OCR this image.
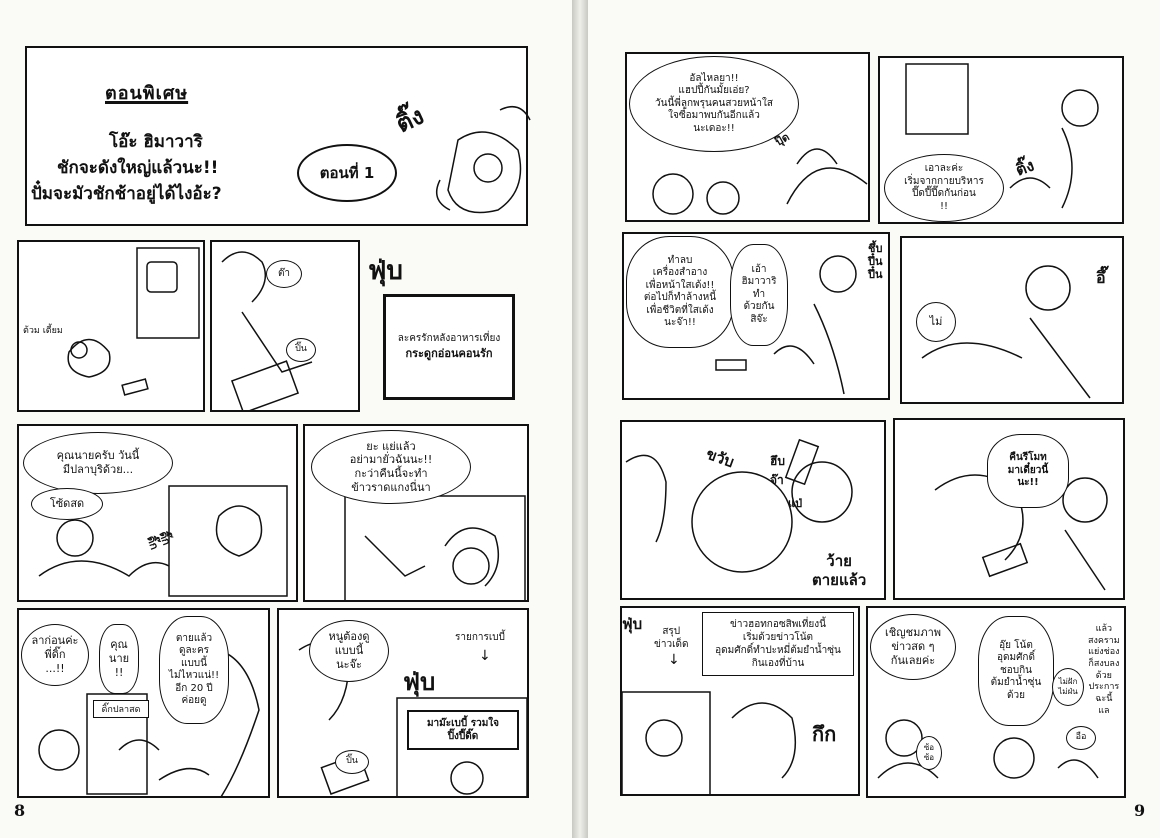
ตอนพิเศษ
โอ๊ะ ฮิมาวาริ
ชักจะดังใหญ่แล้วนะ!!
ปั๋มจะมัวชักช้าอยู่ได้ไงอ้ะ?
ตอนที่ 1
ติ๊ง
ต้วม เตี้ยม
ต๊า
ปิ๊น
ฟุ่บ
ละครรักหลังอาหารเที่ยง
กระดูกอ่อนคอนรัก
คุณนายครับ วันนี้
มีปลาบุริด้วย...
โซ้ดสด
ดิ๊ก ดิ๊ก
ยะ แย่แล้ว
อย่ามายั่วฉันนะ!!
กะว่าคืนนี้จะทำ
ข้าวราดแกงนี่นา
ลาก่อนค่ะ
พี่ดิ๊ก
...!!
คุณ
นาย
!!
ตายแล้ว
ดูละคร
แบบนี้
ไม่ไหวแน่!!
อีก 20 ปี
ค่อยดู
ดิ๊กปลาสด
หนูต้องดู
แบบนี้
นะจ๊ะ
ฟุ่บ
ปิ๊น
รายการเบบี้
↓
มาม๊ะเบบี้ รวมใจ
ปิ๊งปี๊ดิ๊ด
8
อัลไหลยา!!
แฮปปี้กันมั้ยเอ่ย?
วันนี้พี่ลูกพรุนคนสวยหน้าใส
ใจซื่อมาพบกันอีกแล้ว
นะเดอะ!!
ปุ๊ด
เอาละค่ะ
เริ่มจากกายบริหาร
ปี๊ดปี๊ปี๊ดกันก่อน
!!
ติ๊ง
ทำลบ
เครื่องสำอาง
เพื่อหน้าใสเด้ง!!
ต่อไปก็ทำล้างหนี้
เพื่อชีวิตที่ใสเด้ง
นะจ๊า!!
เอ้า
ฮิมาวาริ
ทำ
ด้วยกัน
สิจ๊ะ
ชึ้บ ปึ๋น ปึ๋น	อึ๊
ไม่
ขวับ	ฮึบ จ๊า
แป่
ว้าย
ตายแล้ว
คืนรีโมท
มาเดี๋ยวนี้
นะ!!
ฟุ่บ	สรุป
ข่าวเด็ด
↓
ข่าวฮอทกอซสิพเที่ยงนี้
เริ่มด้วยข่าวโน้ต
อุดมศักดิ์ทำปะหมี่ต้มยำน้ำซุ่น
กินเองที่บ้าน
กึก
เชิญชมภาพ
ข่าวสด ๆ
กันเลยค่ะ
อุ๊ย โน้ต
อุดมศักดิ์
ชอบกิน
ต้มยำน้ำซุ่น
ด้วย
ไม่ฝัก
ไม่ฝ่น
ซ้อ
ซ้อ
แล้ว
สงคราม
แย่งช่อง
ก็สงบลง
ด้วย
ประการ
ฉะนี้
แล
อือ
9
